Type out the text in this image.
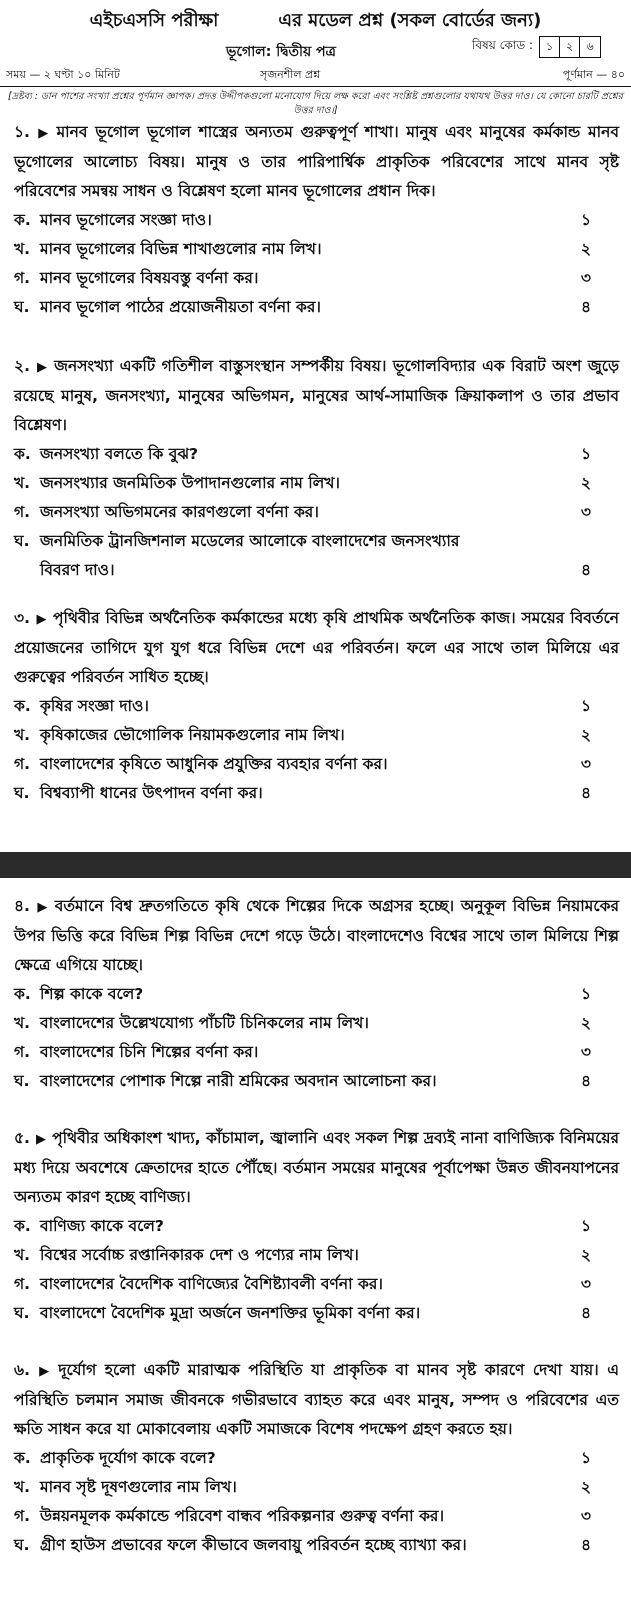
এইচএসসি পরীক্ষা	এর মডেল প্রশ্ন (সকল বোর্ডের জন্য)
ভূগোল: দ্বিতীয় পত্র	বিষয় কোড :	১	২	৬
সময় — ২ ঘণ্টা ১০ মিনিট	সৃজনশীল প্রশ্ন	পূর্ণমান — ৪০
[দ্রষ্টব্য : ডান পাশের সংখ্যা প্রশ্নের পূর্ণমান জ্ঞাপক। প্রদত্ত উদ্দীপকগুলো মনোযোগ দিয়ে লক্ষ করো এবং সংশ্লিষ্ট প্রশ্নগুলোর যথাযথ উত্তর দাও। যে কোনো চারটি প্রশ্নের উত্তর দাও।]
১. ▶ মানব ভূগোল ভূগোল শাস্ত্রের অন্যতম গুরুত্বপূর্ণ শাখা। মানুষ এবং মানুষের কর্মকান্ড মানব ভূগোলের আলোচ্য বিষয়। মানুষ ও তার পারিপার্শ্বিক প্রাকৃতিক পরিবেশের সাথে মানব সৃষ্ট পরিবেশের সমন্বয় সাধন ও বিশ্লেষণ হলো মানব ভূগোলের প্রধান দিক।
ক. মানব ভূগোলের সংজ্ঞা দাও।	১
খ. মানব ভূগোলের বিভিন্ন শাখাগুলোর নাম লিখ।	২
গ. মানব ভূগোলের বিষয়বস্তু বর্ণনা কর।	৩
ঘ. মানব ভূগোল পাঠের প্রয়োজনীয়তা বর্ণনা কর।	৪
২. ▶ জনসংখ্যা একটি গতিশীল বাস্তুসংস্থান সম্পর্কীয় বিষয়। ভূগোলবিদ্যার এক বিরাট অংশ জুড়ে রয়েছে মানুষ, জনসংখ্যা, মানুষের অভিগমন, মানুষের আর্থ-সামাজিক ক্রিয়াকলাপ ও তার প্রভাব বিশ্লেষণ।
ক. জনসংখ্যা বলতে কি বুঝ?	১
খ. জনসংখ্যার জনমিতিক উপাদানগুলোর নাম লিখ।	২
গ. জনসংখ্যা অভিগমনের কারণগুলো বর্ণনা কর।	৩
ঘ. জনমিতিক ট্রানজিশনাল মডেলের আলোকে বাংলাদেশের জনসংখ্যার
বিবরণ দাও।	৪
৩. ▶ পৃথিবীর বিভিন্ন অর্থনৈতিক কর্মকান্ডের মধ্যে কৃষি প্রাথমিক অর্থনৈতিক কাজ। সময়ের বিবর্তনে প্রয়োজনের তাগিদে যুগ যুগ ধরে বিভিন্ন দেশে এর পরিবর্তন। ফলে এর সাথে তাল মিলিয়ে এর গুরুত্বের পরিবর্তন সাধিত হচ্ছে।
ক. কৃষির সংজ্ঞা দাও।	১
খ. কৃষিকাজের ভৌগোলিক নিয়ামকগুলোর নাম লিখ।	২
গ. বাংলাদেশের কৃষিতে আধুনিক প্রযুক্তির ব্যবহার বর্ণনা কর।	৩
ঘ. বিশ্বব্যাপী ধানের উৎপাদন বর্ণনা কর।	৪
৪. ▶ বর্তমানে বিশ্ব দ্রুতগতিতে কৃষি থেকে শিল্পের দিকে অগ্রসর হচ্ছে। অনুকূল বিভিন্ন নিয়ামকের উপর ভিত্তি করে বিভিন্ন শিল্প বিভিন্ন দেশে গড়ে উঠে। বাংলাদেশেও বিশ্বের সাথে তাল মিলিয়ে শিল্প ক্ষেত্রে এগিয়ে যাচ্ছে।
ক. শিল্প কাকে বলে?	১
খ. বাংলাদেশের উল্লেখযোগ্য পাঁচটি চিনিকলের নাম লিখ।	২
গ. বাংলাদেশের চিনি শিল্পের বর্ণনা কর।	৩
ঘ. বাংলাদেশের পোশাক শিল্পে নারী শ্রমিকের অবদান আলোচনা কর।	৪
৫. ▶ পৃথিবীর অধিকাংশ খাদ্য, কাঁচামাল, জ্বালানি এবং সকল শিল্প দ্রব্যই নানা বাণিজ্যিক বিনিময়ের মধ্য দিয়ে অবশেষে ক্রেতাদের হাতে পৌঁছে। বর্তমান সময়ের মানুষের পূর্বাপেক্ষা উন্নত জীবনযাপনের অন্যতম কারণ হচ্ছে বাণিজ্য।
ক. বাণিজ্য কাকে বলে?	১
খ. বিশ্বের সর্বোচ্চ রপ্তানিকারক দেশ ও পণ্যের নাম লিখ।	২
গ. বাংলাদেশের বৈদেশিক বাণিজ্যের বৈশিষ্ট্যাবলী বর্ণনা কর।	৩
ঘ. বাংলাদেশে বৈদেশিক মুদ্রা অর্জনে জনশক্তির ভূমিকা বর্ণনা কর।	৪
৬. ▶ দূর্যোগ হলো একটি মারাত্মক পরিস্থিতি যা প্রাকৃতিক বা মানব সৃষ্ট কারণে দেখা যায়। এ পরিস্থিতি চলমান সমাজ জীবনকে গভীরভাবে ব্যাহত করে এবং মানুষ, সম্পদ ও পরিবেশের এত ক্ষতি সাধন করে যা মোকাবেলায় একটি সমাজকে বিশেষ পদক্ষেপ গ্রহণ করতে হয়।
ক. প্রাকৃতিক দূর্যোগ কাকে বলে?	১
খ. মানব সৃষ্ট দূষণগুলোর নাম লিখ।	২
গ. উন্নয়নমূলক কর্মকান্ডে পরিবেশ বান্ধব পরিকল্পনার গুরুত্ব বর্ণনা কর।	৩
ঘ. গ্রীণ হাউস প্রভাবের ফলে কীভাবে জলবায়ু পরিবর্তন হচ্ছে ব্যাখ্যা কর।	৪
